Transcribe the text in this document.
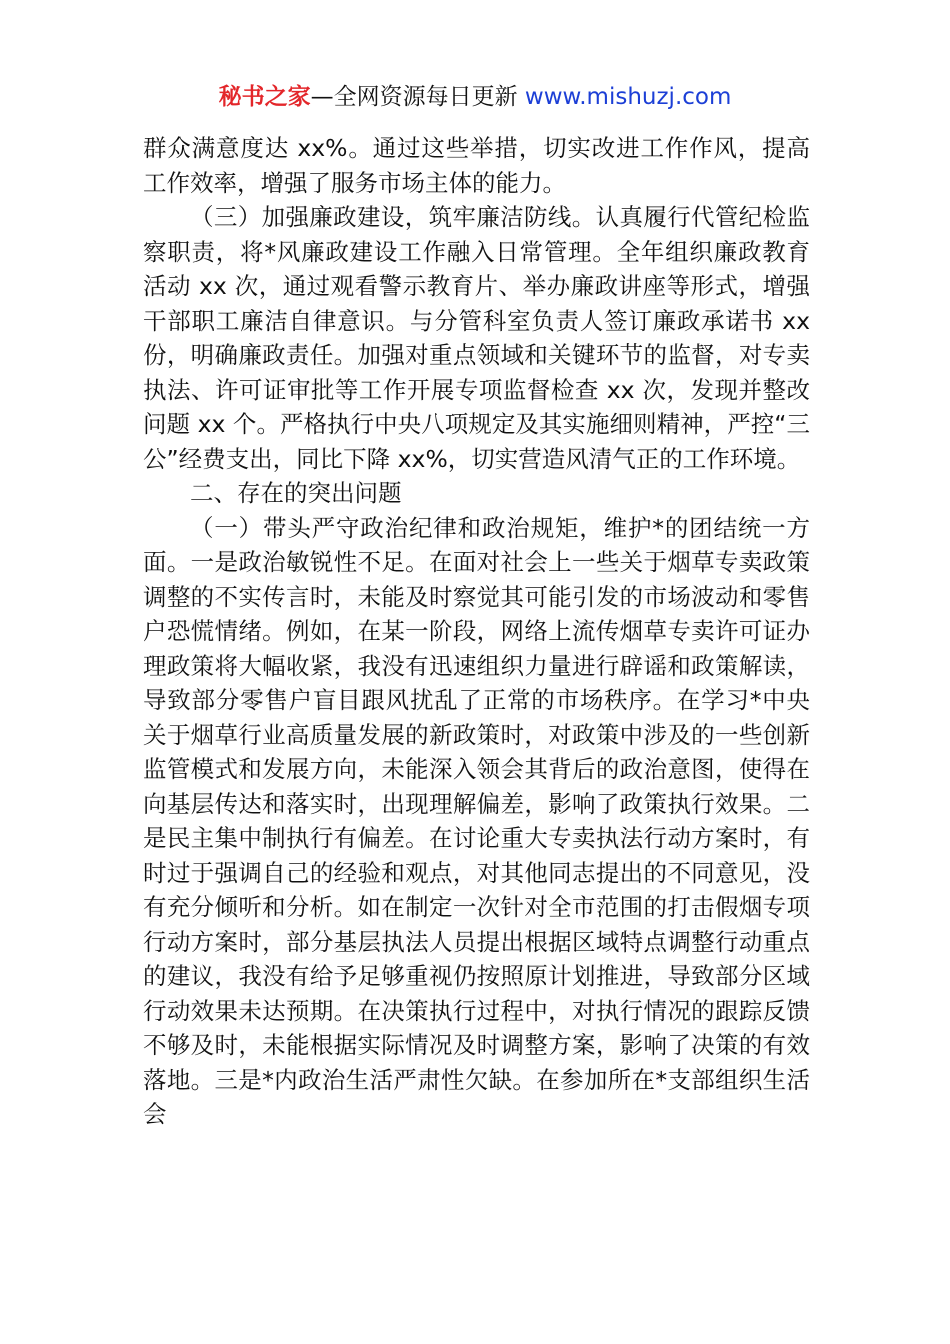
秘书之家—全网资源每日更新 www.mishuzj.com

群众满意度达 xx%。通过这些举措，切实改进工作作风，提高工作效率，增强了服务市场主体的能力。

（三）加强廉政建设，筑牢廉洁防线。认真履行代管纪检监察职责，将*风廉政建设工作融入日常管理。全年组织廉政教育活动 xx 次，通过观看警示教育片、举办廉政讲座等形式，增强干部职工廉洁自律意识。与分管科室负责人签订廉政承诺书 xx 份，明确廉政责任。加强对重点领域和关键环节的监督，对专卖执法、许可证审批等工作开展专项监督检查 xx 次，发现并整改问题 xx 个。严格执行中央八项规定及其实施细则精神，严控“三公”经费支出，同比下降 xx%，切实营造风清气正的工作环境。

二、存在的突出问题

（一）带头严守政治纪律和政治规矩，维护*的团结统一方面。一是政治敏锐性不足。在面对社会上一些关于烟草专卖政策调整的不实传言时，未能及时察觉其可能引发的市场波动和零售户恐慌情绪。例如，在某一阶段，网络上流传烟草专卖许可证办理政策将大幅收紧，我没有迅速组织力量进行辟谣和政策解读，导致部分零售户盲目跟风扰乱了正常的市场秩序。在学习*中央关于烟草行业高质量发展的新政策时，对政策中涉及的一些创新监管模式和发展方向，未能深入领会其背后的政治意图，使得在向基层传达和落实时，出现理解偏差，影响了政策执行效果。二是民主集中制执行有偏差。在讨论重大专卖执法行动方案时，有时过于强调自己的经验和观点，对其他同志提出的不同意见，没有充分倾听和分析。如在制定一次针对全市范围的打击假烟专项行动方案时，部分基层执法人员提出根据区域特点调整行动重点的建议，我没有给予足够重视仍按照原计划推进，导致部分区域行动效果未达预期。在决策执行过程中，对执行情况的跟踪反馈不够及时，未能根据实际情况及时调整方案，影响了决策的有效落地。三是*内政治生活严肃性欠缺。在参加所在*支部组织生活会
